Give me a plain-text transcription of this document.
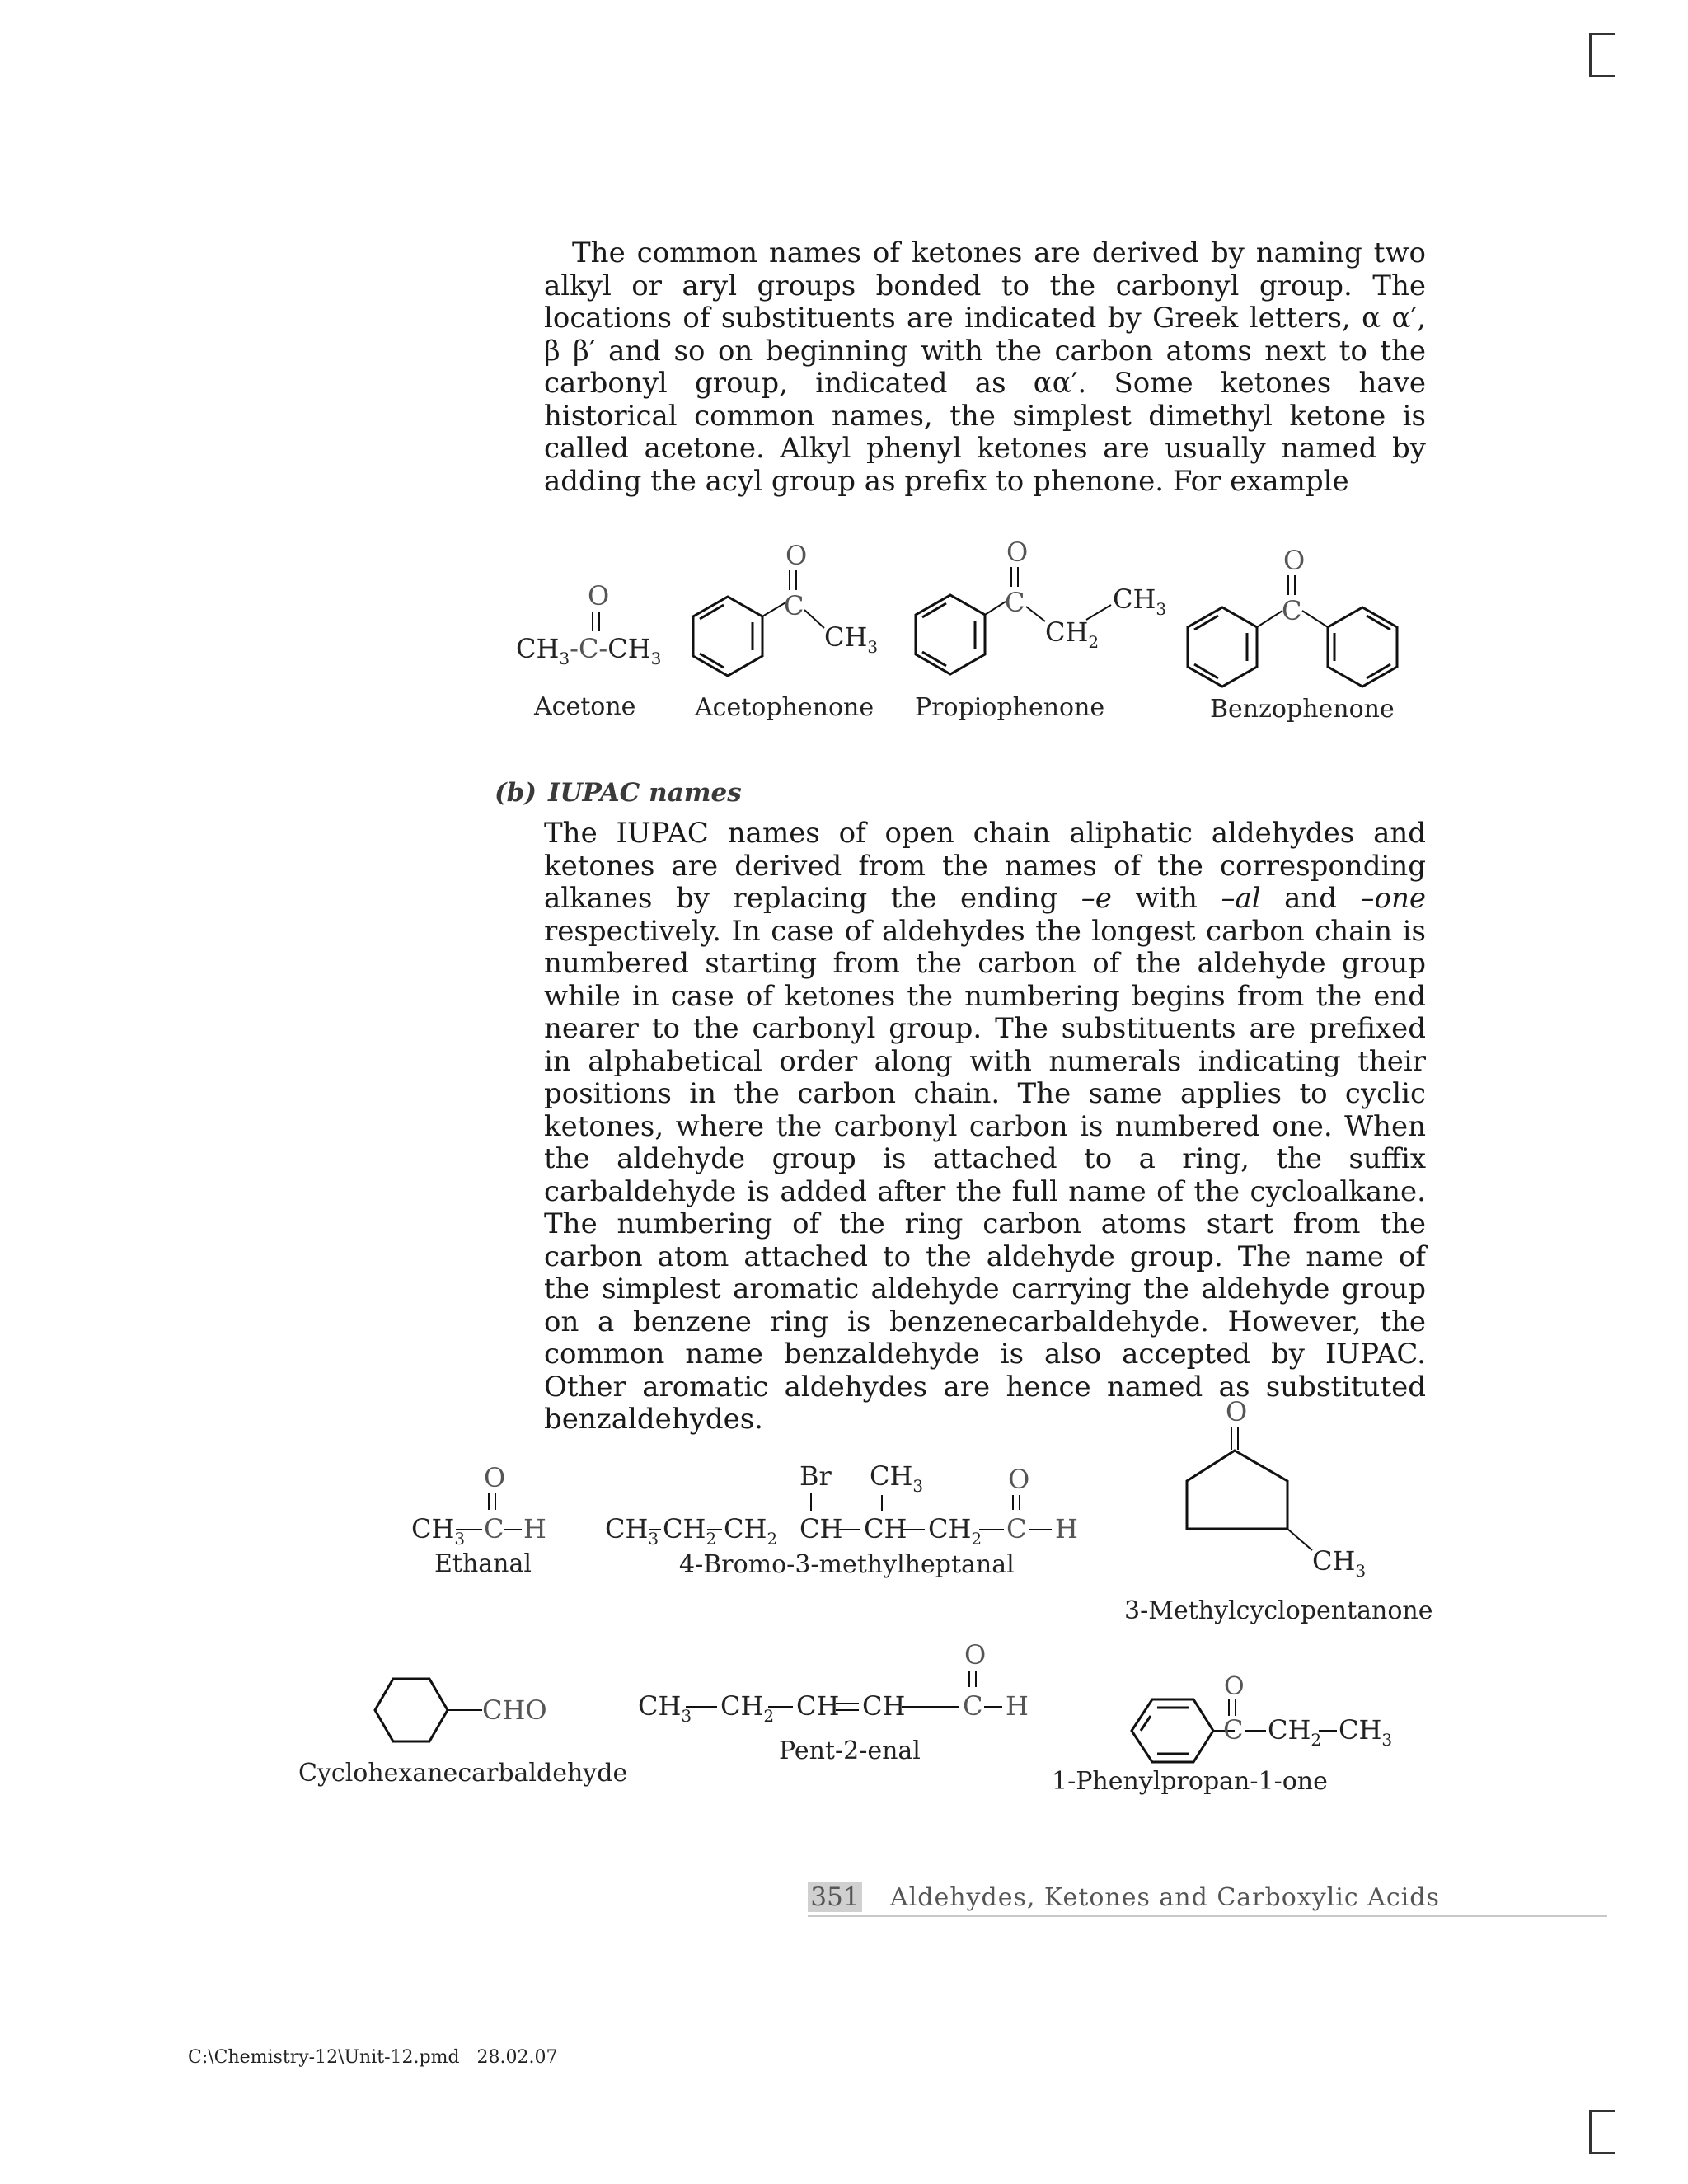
The common names of ketones are derived by naming two alkyl or aryl groups bonded to the carbonyl group. The locations of substituents are indicated by Greek letters, α α′, β β′ and so on beginning with the carbon atoms next to the carbonyl group, indicated as αα′. Some ketones have historical common names, the simplest dimethyl ketone is called acetone. Alkyl phenyl ketones are usually named by adding the acyl group as prefix to phenone. For example

O
$CH_3-C-CH_3$
Acetone
O
C
$CH_3$
Acetophenone
O
C
$CH_2$
$CH_3$
Propiophenone
O
C
Benzophenone

(b) IUPAC names

The IUPAC names of open chain aliphatic aldehydes and ketones are derived from the names of the corresponding alkanes by replacing the ending –e with –al and –one respectively. In case of aldehydes the longest carbon chain is numbered starting from the carbon of the aldehyde group while in case of ketones the numbering begins from the end nearer to the carbonyl group. The substituents are prefixed in alphabetical order along with numerals indicating their positions in the carbon chain. The same applies to cyclic ketones, where the carbonyl carbon is numbered one. When the aldehyde group is attached to a ring, the suffix carbaldehyde is added after the full name of the cycloalkane. The numbering of the ring carbon atoms start from the carbon atom attached to the aldehyde group. The name of the simplest aromatic aldehyde carrying the aldehyde group on a benzene ring is benzenecarbaldehyde. However, the common name benzaldehyde is also accepted by IUPAC. Other aromatic aldehydes are hence named as substituted benzaldehydes.

O
$CH_3$ C H
Ethanal
Br $CH_3$	O
$CH_3$ $CH_2$ $CH_2$ CH CH $CH_2$ C H
4-Bromo-3-methylheptanal
O
$CH_3$
3-Methylcyclopentanone
CHO
Cyclohexanecarbaldehyde
O
$CH_3$ $CH_2$ CH CH C H
Pent-2-enal
O
C $CH_2$ $CH_3$
1-Phenylpropan-1-one
351 Aldehydes, Ketones and Carboxylic Acids
C:\Chemistry-12\Unit-12.pmd 28.02.07
